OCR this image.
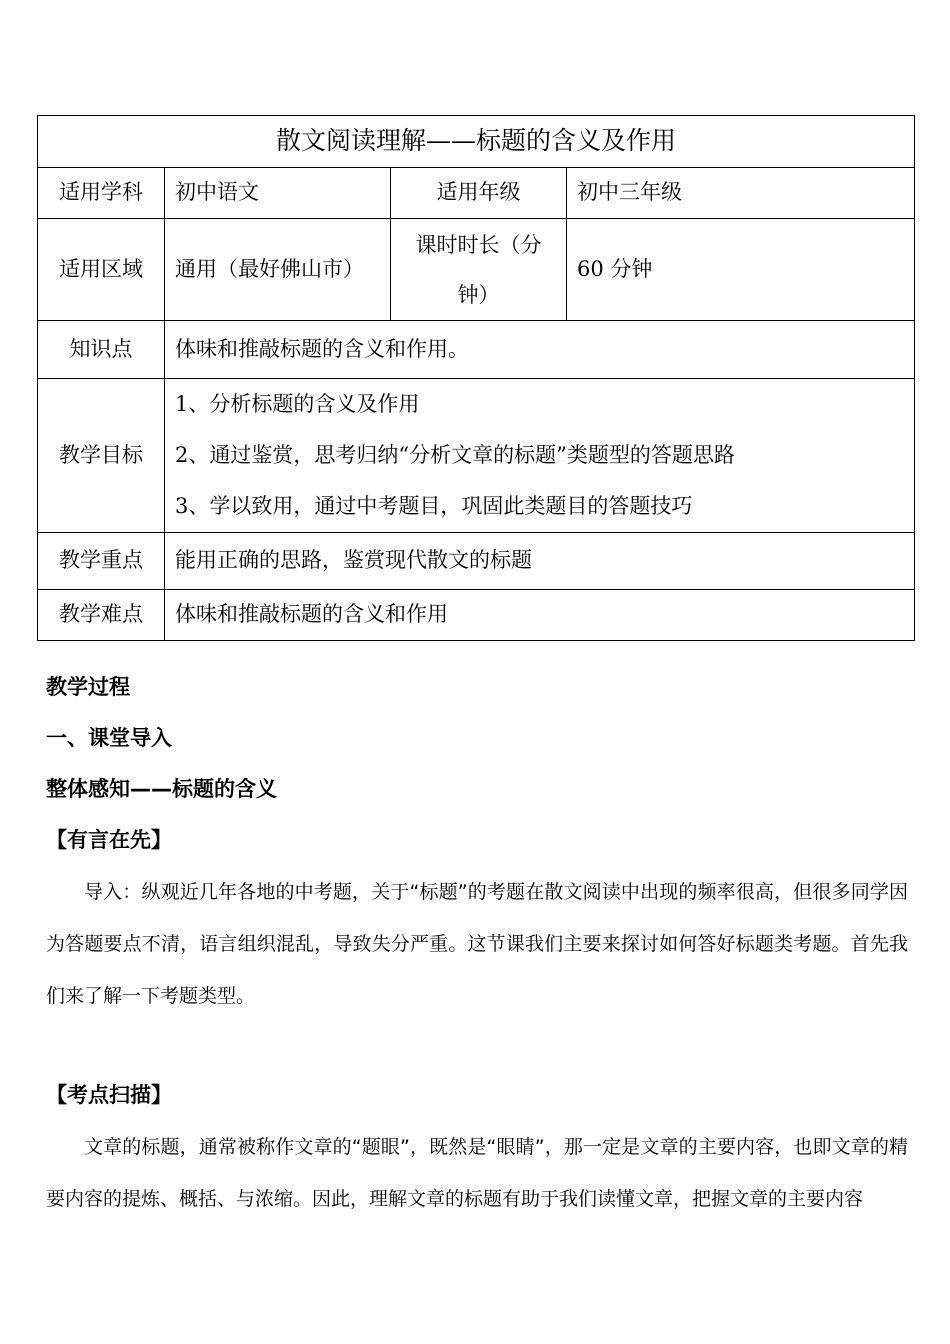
散文阅读理解——标题的含义及作用			
适用学科	初中语文	适用年级	初中三年级
适用区域	通用（最好佛山市）	课时时长（分钟）	60 分钟
知识点	体味和推敲标题的含义和作用。		
教学目标	1、分析标题的含义及作用
2、通过鉴赏，思考归纳“分析文章的标题”类题型的答题思路
3、学以致用，通过中考题目，巩固此类题目的答题技巧		

教学重点	能用正确的思路，鉴赏现代散文的标题		
教学难点	体味和推敲标题的含义和作用		
教学过程
一、课堂导入
整体感知——标题的含义
【有言在先】
导入：纵观近几年各地的中考题，关于“标题”的考题在散文阅读中出现的频率很高，但很多同学因为答题要点不清，语言组织混乱，导致失分严重。这节课我们主要来探讨如何答好标题类考题。首先我们来了解一下考题类型。
【考点扫描】
文章的标题，通常被称作文章的“题眼”，既然是“眼睛”，那一定是文章的主要内容，也即文章的精要内容的提炼、概括、与浓缩。因此，理解文章的标题有助于我们读懂文章，把握文章的主要内容
